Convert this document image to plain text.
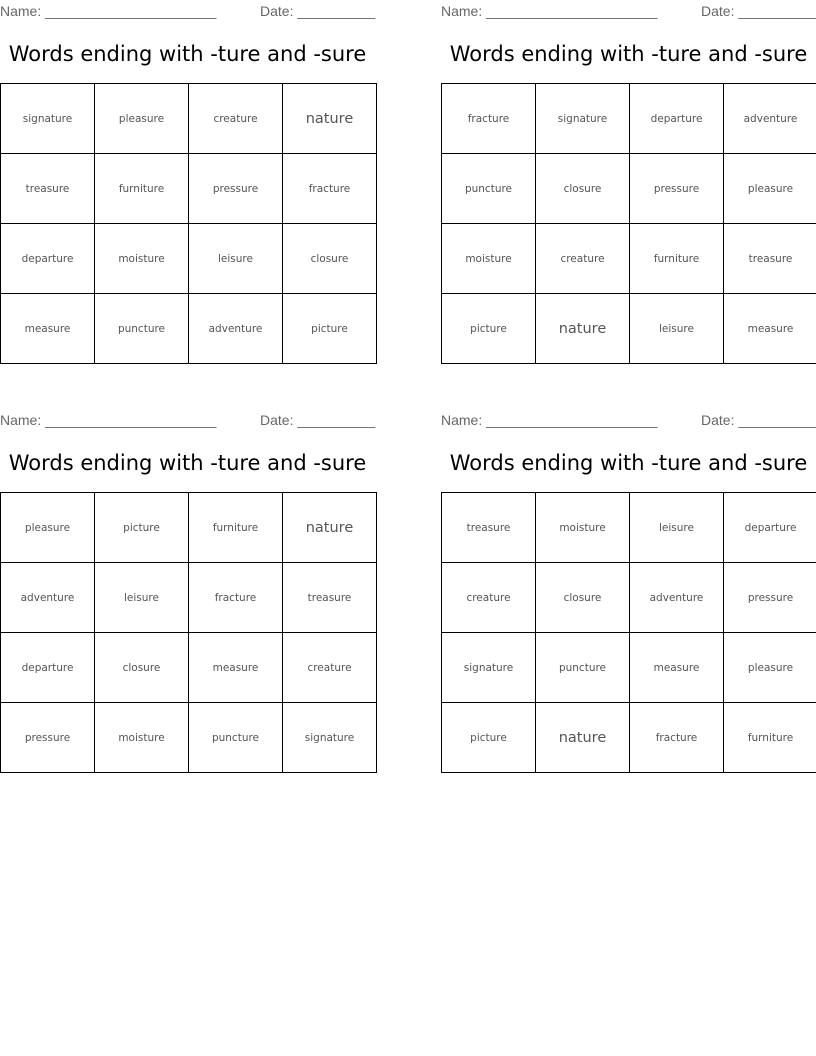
Name: ______________________	Date: __________
Words ending with -ture and -sure
signature	pleasure	creature	nature
treasure	furniture	pressure	fracture
departure	moisture	leisure	closure
measure	puncture	adventure	picture
Name: ______________________	Date: __________
Words ending with -ture and -sure
fracture	signature	departure	adventure
puncture	closure	pressure	pleasure
moisture	creature	furniture	treasure
picture	nature	leisure	measure
Name: ______________________	Date: __________
Words ending with -ture and -sure
pleasure	picture	furniture	nature
adventure	leisure	fracture	treasure
departure	closure	measure	creature
pressure	moisture	puncture	signature
Name: ______________________	Date: __________
Words ending with -ture and -sure
treasure	moisture	leisure	departure
creature	closure	adventure	pressure
signature	puncture	measure	pleasure
picture	nature	fracture	furniture
